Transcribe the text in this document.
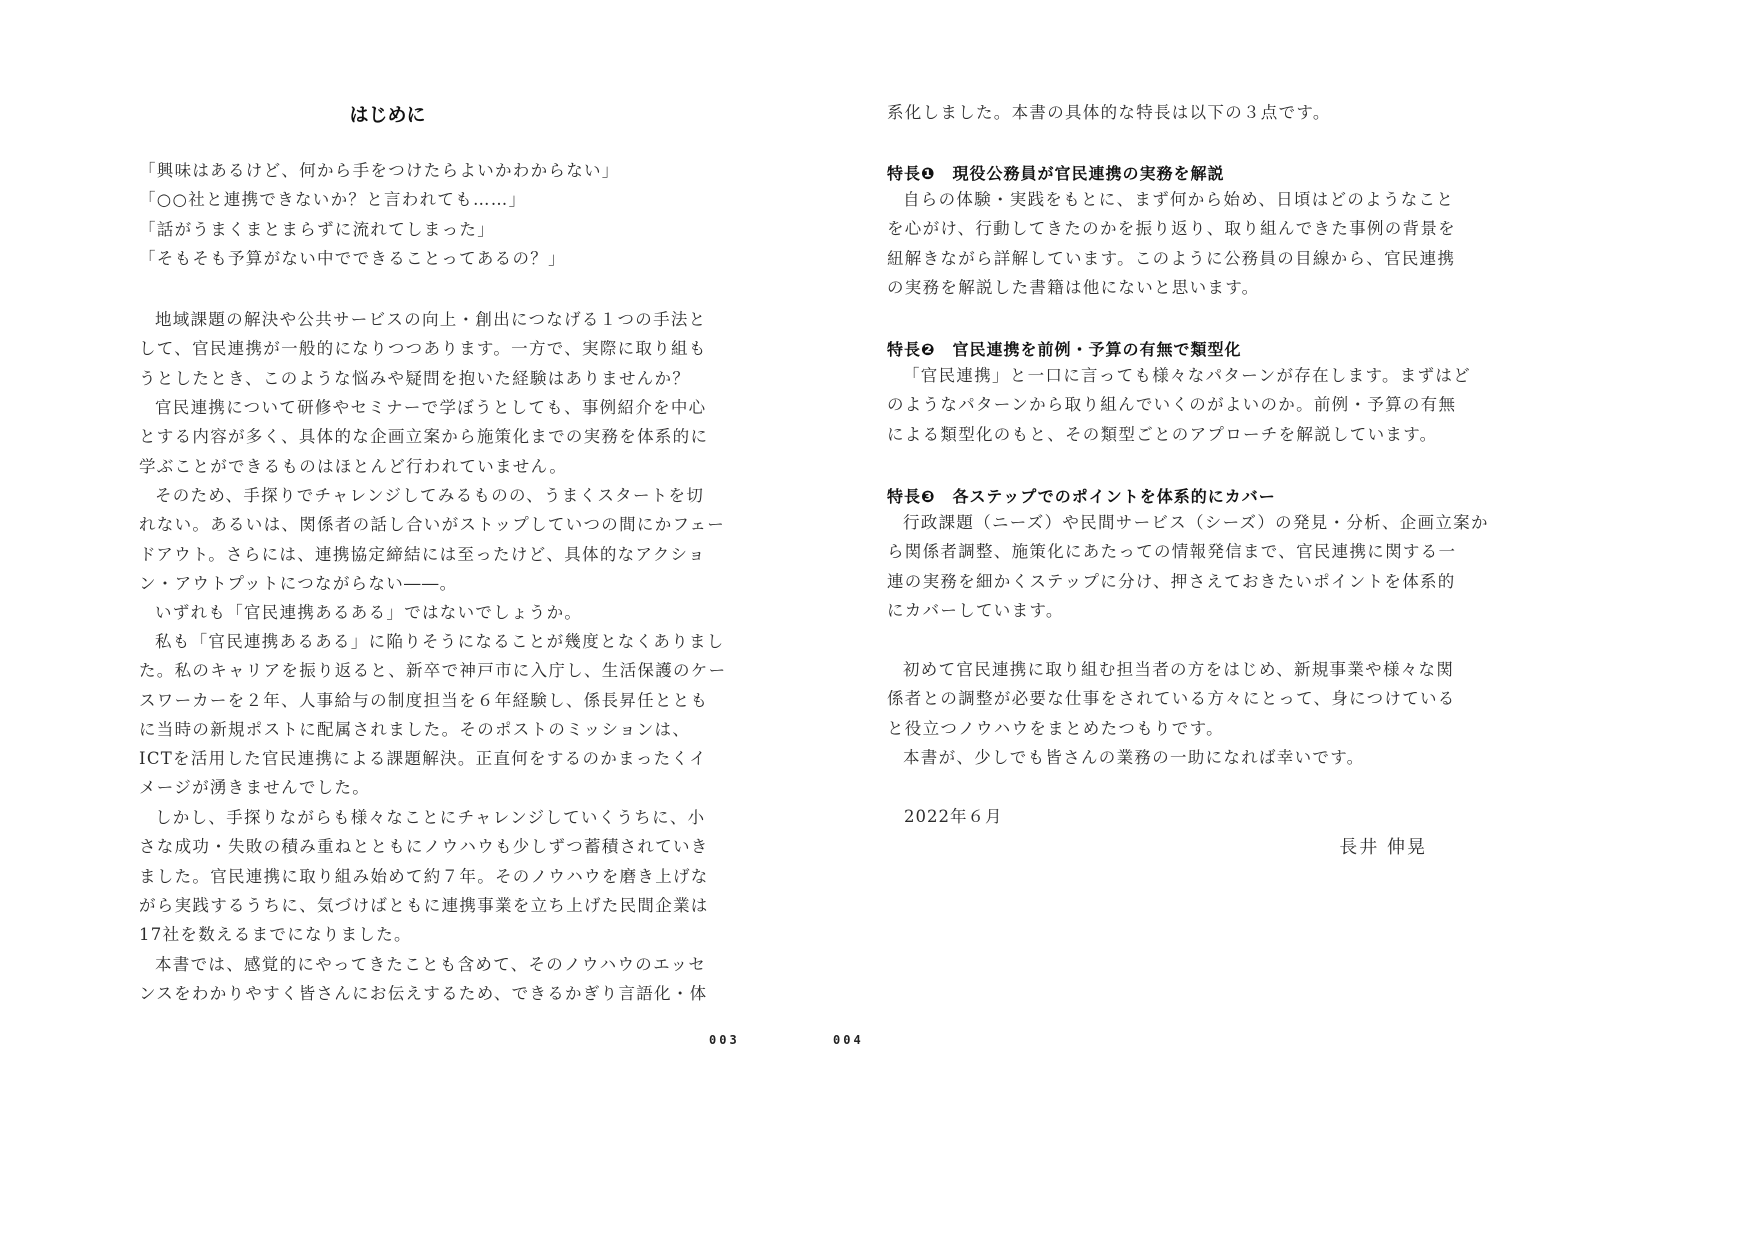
はじめに
「興味はあるけど、何から手をつけたらよいかわからない」
「○○社と連携できないか？と言われても……」
「話がうまくまとまらずに流れてしまった」
「そもそも予算がない中でできることってあるの？」
地域課題の解決や公共サービスの向上・創出につなげる１つの手法と
して、官民連携が一般的になりつつあります。一方で、実際に取り組も
うとしたとき、このような悩みや疑問を抱いた経験はありませんか？
官民連携について研修やセミナーで学ぼうとしても、事例紹介を中心
とする内容が多く、具体的な企画立案から施策化までの実務を体系的に
学ぶことができるものはほとんど行われていません。
そのため、手探りでチャレンジしてみるものの、うまくスタートを切
れない。あるいは、関係者の話し合いがストップしていつの間にかフェー
ドアウト。さらには、連携協定締結には至ったけど、具体的なアクショ
ン・アウトプットにつながらない――。
いずれも「官民連携あるある」ではないでしょうか。
私も「官民連携あるある」に陥りそうになることが幾度となくありまし
た。私のキャリアを振り返ると、新卒で神戸市に入庁し、生活保護のケー
スワーカーを２年、人事給与の制度担当を６年経験し、係長昇任ととも
に当時の新規ポストに配属されました。そのポストのミッションは、
ICTを活用した官民連携による課題解決。正直何をするのかまったくイ
メージが湧きませんでした。
しかし、手探りながらも様々なことにチャレンジしていくうちに、小
さな成功・失敗の積み重ねとともにノウハウも少しずつ蓄積されていき
ました。官民連携に取り組み始めて約７年。そのノウハウを磨き上げな
がら実践するうちに、気づけばともに連携事業を立ち上げた民間企業は
17社を数えるまでになりました。
本書では、感覚的にやってきたことも含めて、そのノウハウのエッセ
ンスをわかりやすく皆さんにお伝えするため、できるかぎり言語化・体

003

系化しました。本書の具体的な特長は以下の３点です。

特長❶　現役公務員が官民連携の実務を解説

自らの体験・実践をもとに、まず何から始め、日頃はどのようなこと
を心がけ、行動してきたのかを振り返り、取り組んできた事例の背景を
紐解きながら詳解しています。このように公務員の目線から、官民連携
の実務を解説した書籍は他にないと思います。

特長❷　官民連携を前例・予算の有無で類型化

「官民連携」と一口に言っても様々なパターンが存在します。まずはど
のようなパターンから取り組んでいくのがよいのか。前例・予算の有無
による類型化のもと、その類型ごとのアプローチを解説しています。

特長❸　各ステップでのポイントを体系的にカバー

行政課題（ニーズ）や民間サービス（シーズ）の発見・分析、企画立案か
ら関係者調整、施策化にあたっての情報発信まで、官民連携に関する一
連の実務を細かくステップに分け、押さえておきたいポイントを体系的
にカバーしています。
初めて官民連携に取り組む担当者の方をはじめ、新規事業や様々な関
係者との調整が必要な仕事をされている方々にとって、身につけている
と役立つノウハウをまとめたつもりです。
本書が、少しでも皆さんの業務の一助になれば幸いです。

2022年６月

長井 伸晃

004
